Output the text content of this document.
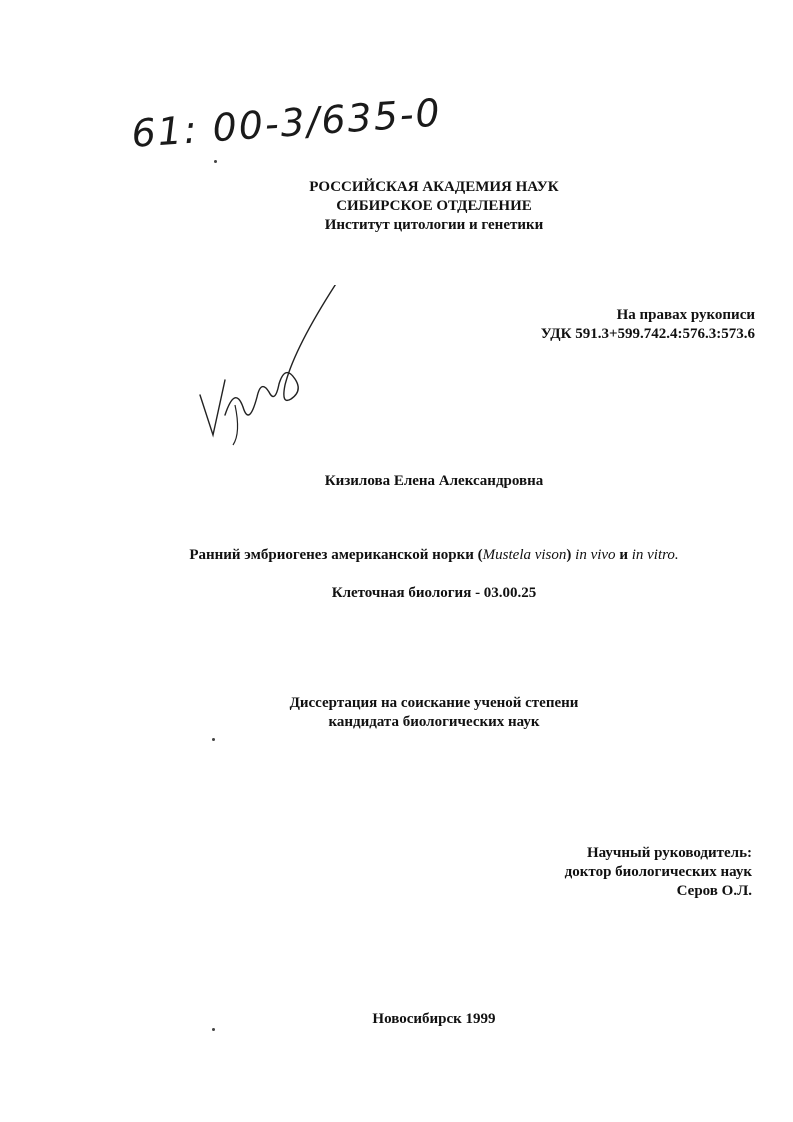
61: 00-3/635-0
РОССИЙСКАЯ АКАДЕМИЯ НАУК
СИБИРСКОЕ ОТДЕЛЕНИЕ
Институт цитологии и генетики
На правах рукописи
УДК 591.3+599.742.4:576.3:573.6
Кизилова Елена Александровна
Ранний эмбриогенез американской норки (Mustela vison) in vivo и in vitro.
Клеточная биология - 03.00.25
Диссертация на соискание ученой степени
кандидата биологических наук
Научный руководитель:
доктор биологических наук
Серов О.Л.
Новосибирск 1999
